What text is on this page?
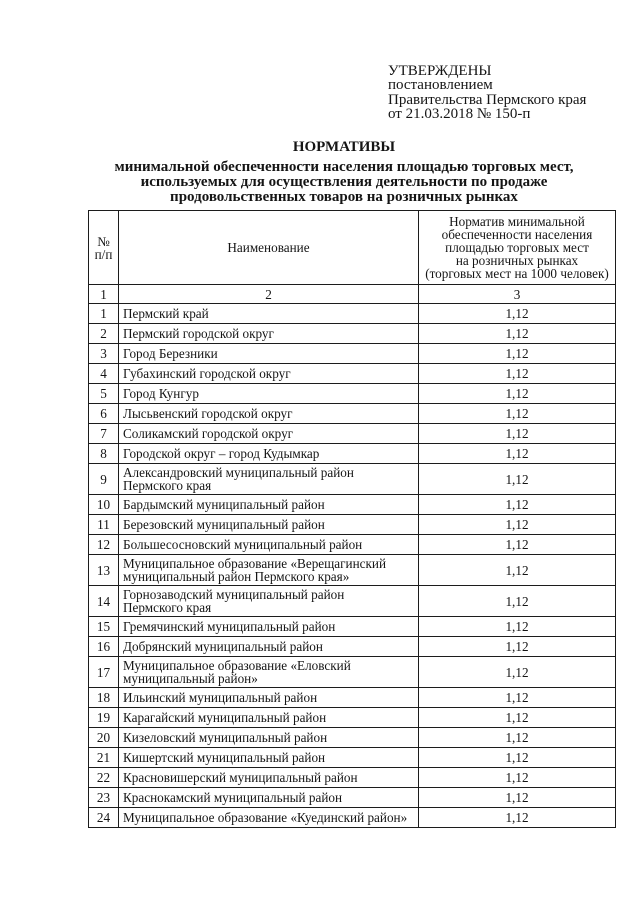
УТВЕРЖДЕНЫ
постановлением
Правительства Пермского края
от 21.03.2018 № 150-п
НОРМАТИВЫ
минимальной обеспеченности населения площадью торговых мест,
используемых для осуществления деятельности по продаже
продовольственных товаров на розничных рынках
№
п/п	Наименование	Норматив минимальной
обеспеченности населения
площадью торговых мест
на розничных рынках
(торговых мест на 1000 человек)
1	2	3
1	Пермский край	1,12
2	Пермский городской округ	1,12
3	Город Березники	1,12
4	Губахинский городской округ	1,12
5	Город Кунгур	1,12
6	Лысьвенский городской округ	1,12
7	Соликамский городской округ	1,12
8	Городской округ – город Кудымкар	1,12
9	Александровский муниципальный район
Пермского края	1,12
10	Бардымский муниципальный район	1,12
11	Березовский муниципальный район	1,12
12	Большесосновский муниципальный район	1,12
13	Муниципальное образование «Верещагинский
муниципальный район Пермского края»	1,12
14	Горнозаводский муниципальный район
Пермского края	1,12
15	Гремячинский муниципальный район	1,12
16	Добрянский муниципальный район	1,12
17	Муниципальное образование «Еловский
муниципальный район»	1,12
18	Ильинский муниципальный район	1,12
19	Карагайский муниципальный район	1,12
20	Кизеловский муниципальный район	1,12
21	Кишертский муниципальный район	1,12
22	Красновишерский муниципальный район	1,12
23	Краснокамский муниципальный район	1,12
24	Муниципальное образование «Куединский район»	1,12
